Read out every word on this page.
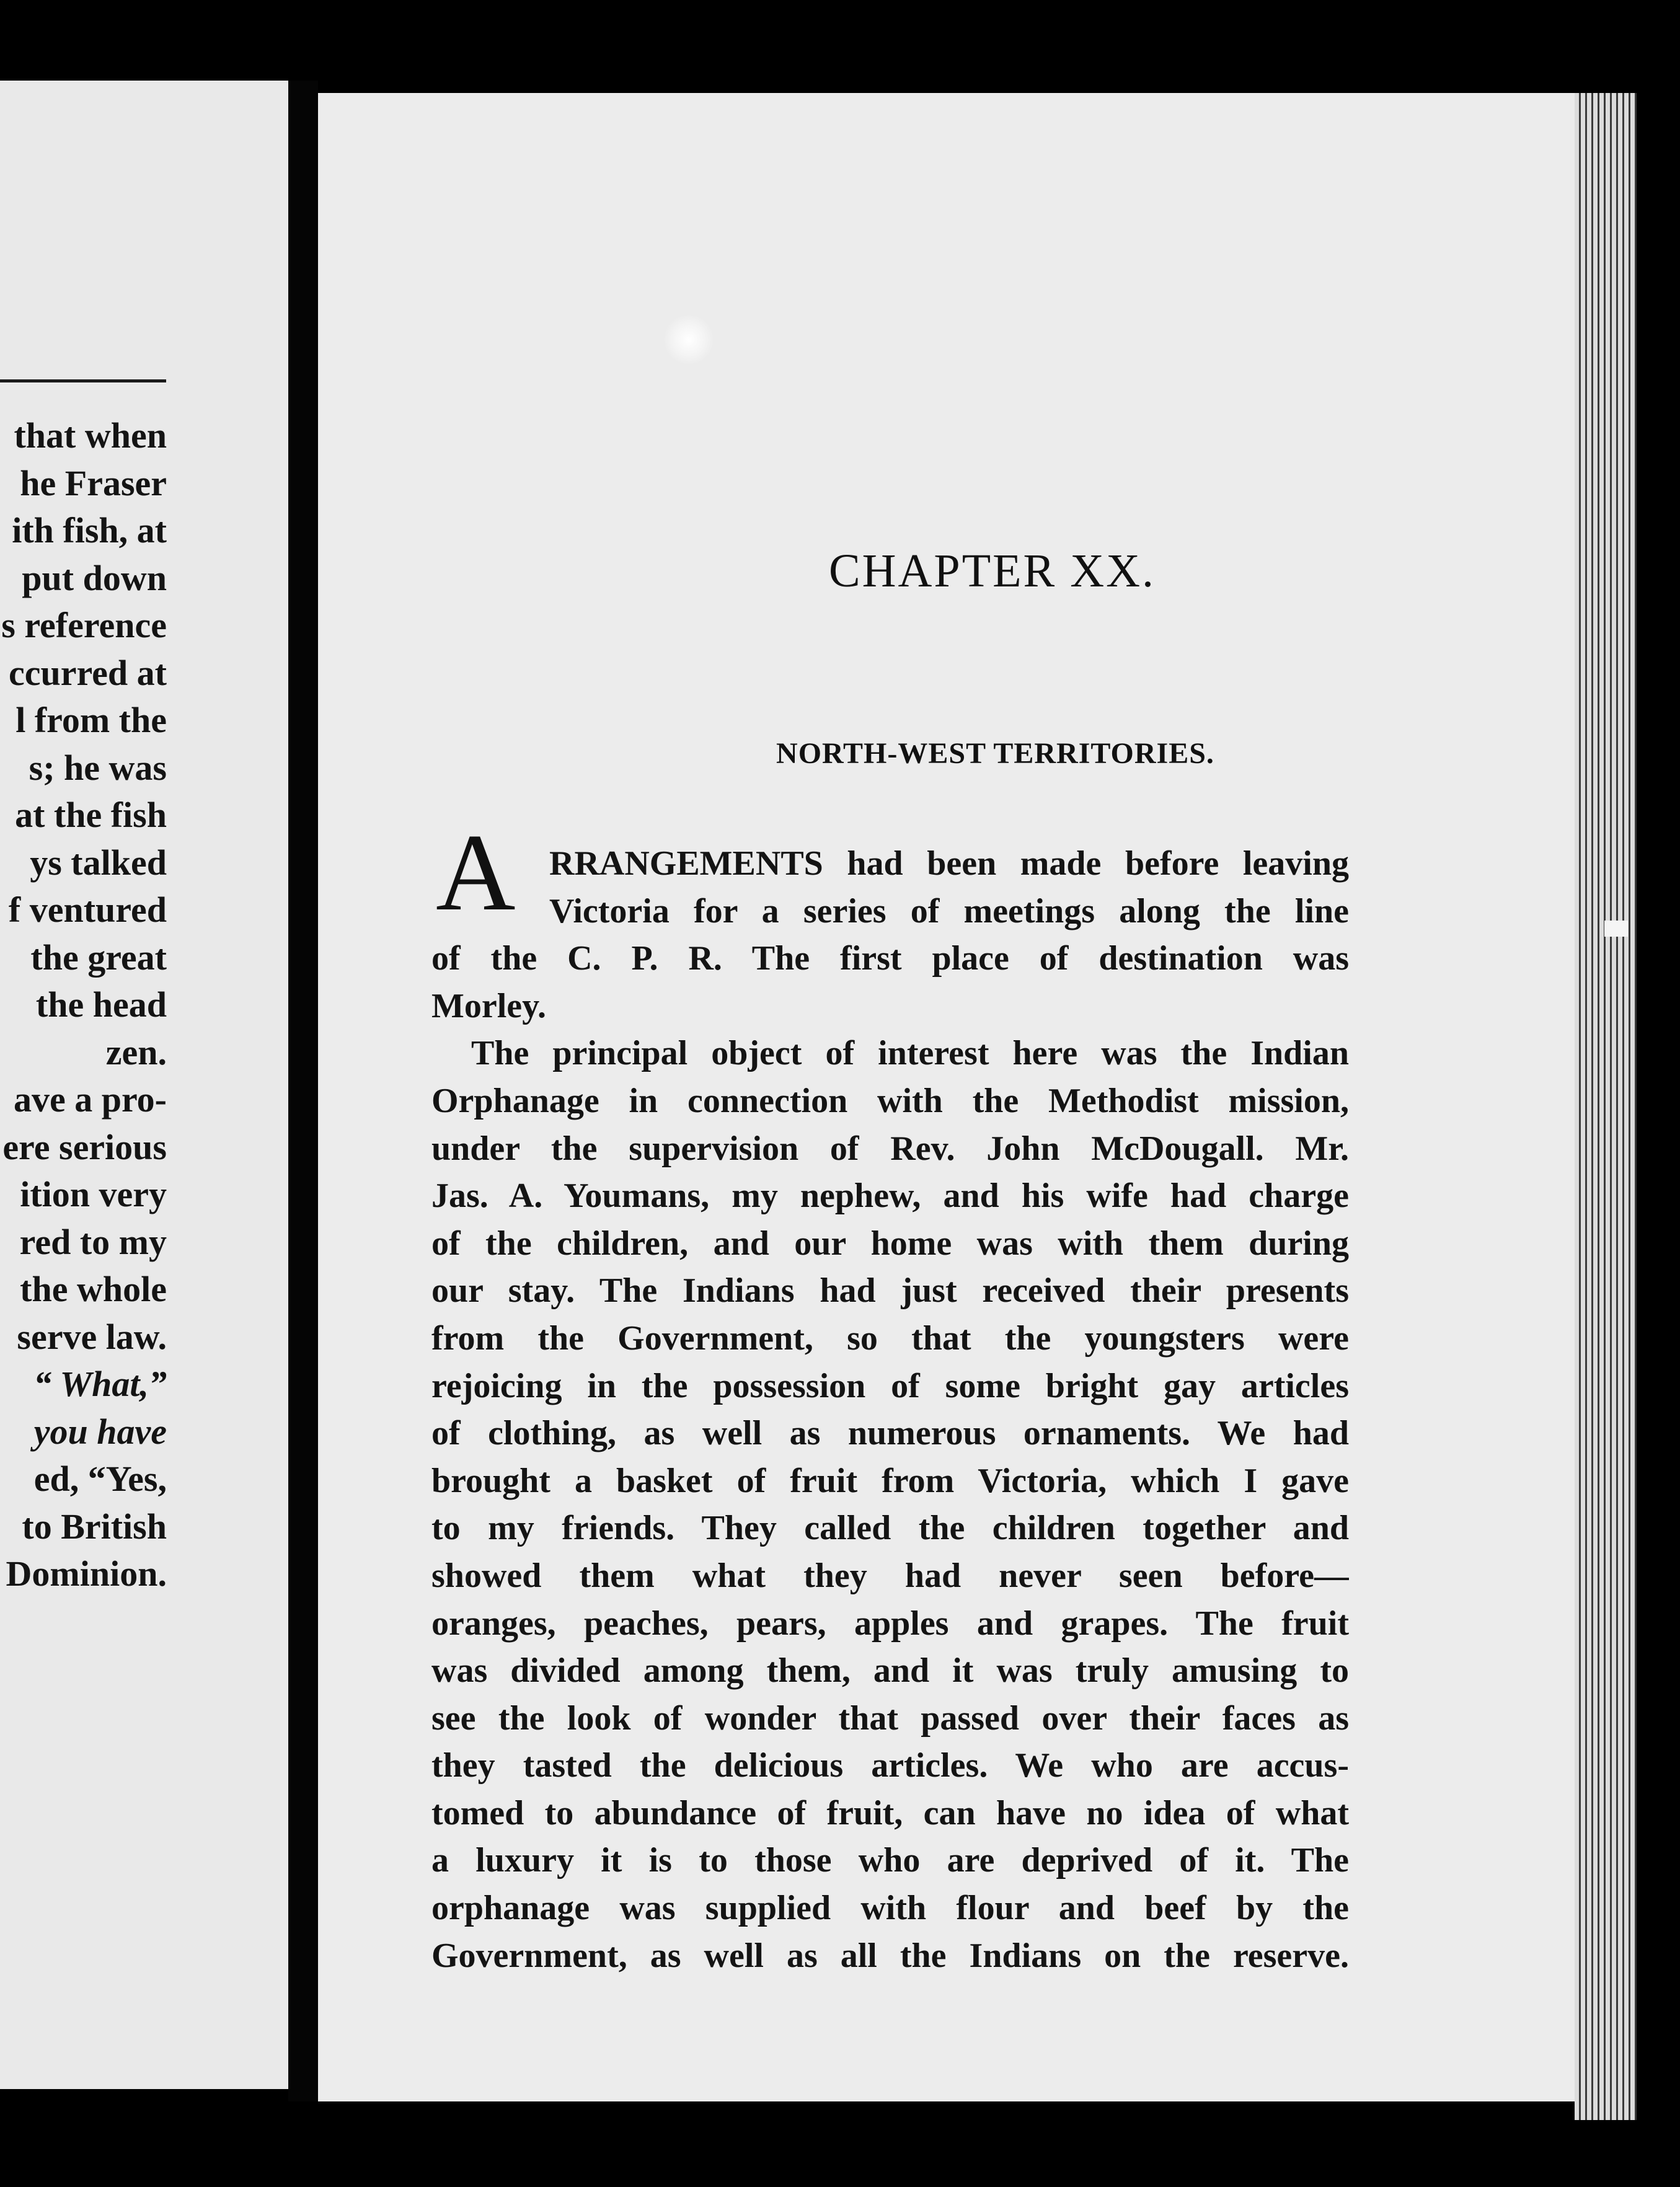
that when
he Fraser
ith fish, at
put down
s reference
ccurred at
l from the
s; he was
at the fish
ys talked
f ventured
the great
the head
zen.
ave a pro-
ere serious
ition very
red to my
the whole
serve law.
“ What,”
you have
ed, “Yes,
to British
Dominion.
CHAPTER XX.
NORTH-WEST TERRITORIES.
A RRANGEMENTS had been made before leaving
Victoria for a series of meetings along the line
of the C. P. R. The first place of destination was
Morley.
The principal object of interest here was the Indian
Orphanage in connection with the Methodist mission,
under the supervision of Rev. John McDougall. Mr.
Jas. A. Youmans, my nephew, and his wife had charge
of the children, and our home was with them during
our stay. The Indians had just received their presents
from the Government, so that the youngsters were
rejoicing in the possession of some bright gay articles
of clothing, as well as numerous ornaments. We had
brought a basket of fruit from Victoria, which I gave
to my friends. They called the children together and
showed them what they had never seen before—
oranges, peaches, pears, apples and grapes. The fruit
was divided among them, and it was truly amusing to
see the look of wonder that passed over their faces as
they tasted the delicious articles. We who are accus-
tomed to abundance of fruit, can have no idea of what
a luxury it is to those who are deprived of it. The
orphanage was supplied with flour and beef by the
Government, as well as all the Indians on the reserve.
